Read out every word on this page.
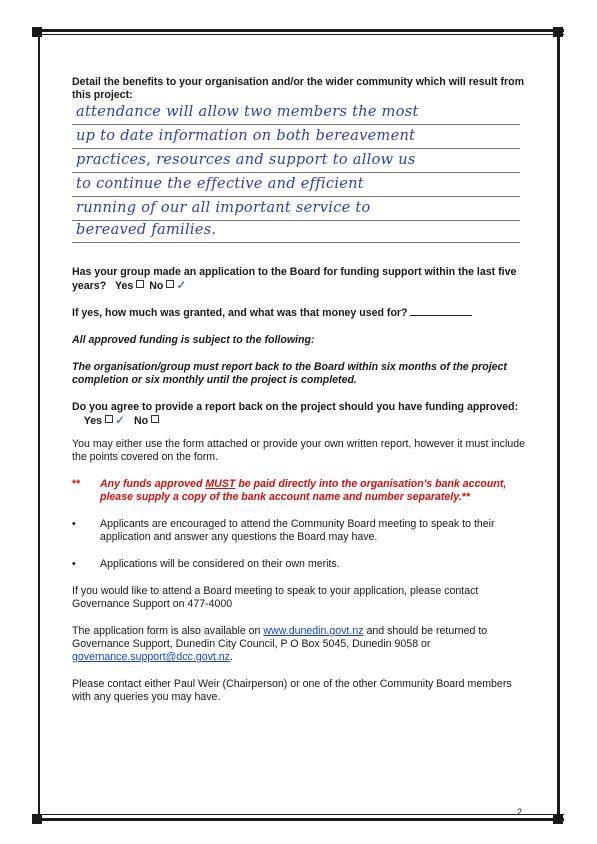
Detail the benefits to your organisation and/or the wider community which will result from this project:

attendance will allow two members the most
up to date information on both bereavement
practices, resources and support to allow us
to continue the effective and efficient
running of our all important service to
bereaved families.

Has your group made an application to the Board for funding support within the last five years? Yes No ✓

If yes, how much was granted, and what was that money used for?

All approved funding is subject to the following:

The organisation/group must report back to the Board within six months of the project completion or six monthly until the project is completed.

Do you agree to provide a report back on the project should you have funding approved:     Yes ✓ No

You may either use the form attached or provide your own written report, however it must include the points covered on the form.

**	Any funds approved MUST be paid directly into the organisation's bank account, please supply a copy of the bank account name and number separately.**
•	Applicants are encouraged to attend the Community Board meeting to speak to their application and answer any questions the Board may have.
•	Applications will be considered on their own merits.

If you would like to attend a Board meeting to speak to your application, please contact Governance Support on 477-4000

The application form is also available on www.dunedin.govt.nz and should be returned to Governance Support, Dunedin City Council, P O Box 5045, Dunedin 9058 or governance.support@dcc.govt.nz.

Please contact either Paul Weir (Chairperson) or one of the other Community Board members with any queries you may have.

2
